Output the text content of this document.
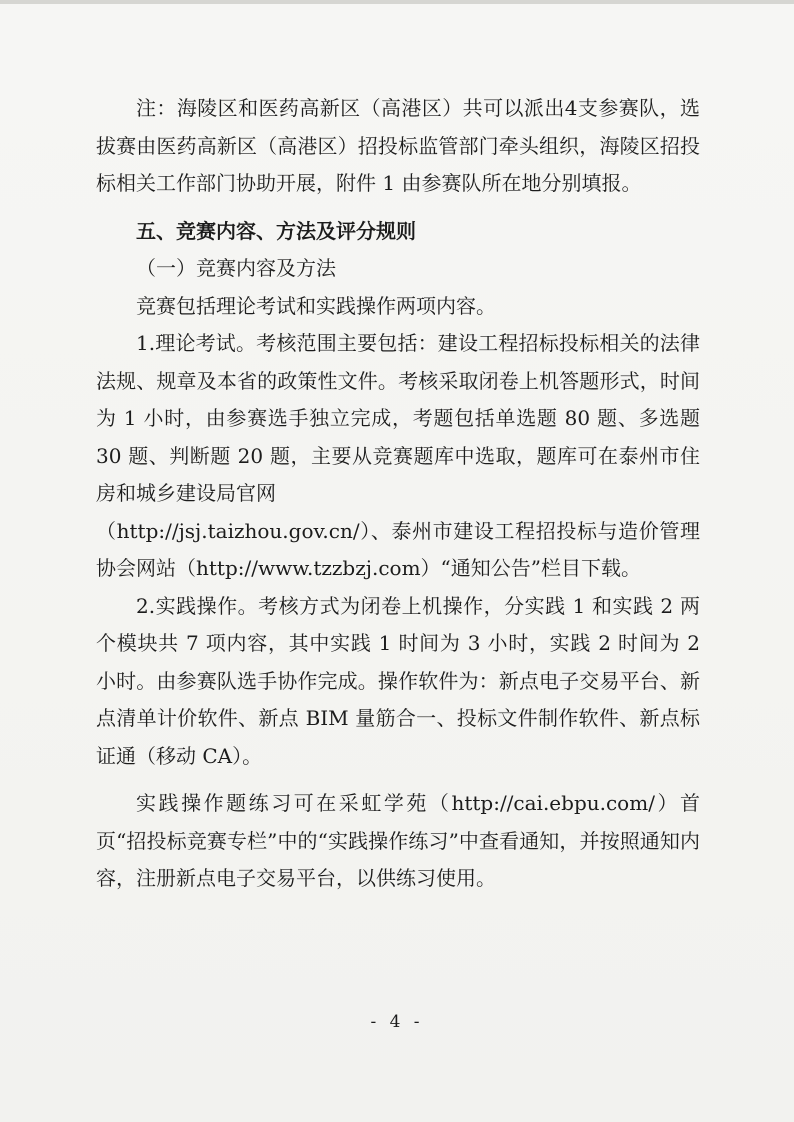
注：海陵区和医药高新区（高港区）共可以派出4支参赛队，选拔赛由医药高新区（高港区）招投标监管部门牵头组织，海陵区招投标相关工作部门协助开展，附件 1 由参赛队所在地分别填报。

五、竞赛内容、方法及评分规则

（一）竞赛内容及方法

竞赛包括理论考试和实践操作两项内容。

1.理论考试。考核范围主要包括：建设工程招标投标相关的法律法规、规章及本省的政策性文件。考核采取闭卷上机答题形式，时间为 1 小时，由参赛选手独立完成，考题包括单选题 80 题、多选题 30 题、判断题 20 题，主要从竞赛题库中选取，题库可在泰州市住房和城乡建设局官网

（http://jsj.taizhou.gov.cn/）、泰州市建设工程招投标与造价管理协会网站（http://www.tzzbzj.com）“通知公告”栏目下载。

2.实践操作。考核方式为闭卷上机操作，分实践 1 和实践 2 两个模块共 7 项内容，其中实践 1 时间为 3 小时，实践 2 时间为 2 小时。由参赛队选手协作完成。操作软件为：新点电子交易平台、新点清单计价软件、新点 BIM 量筋合一、投标文件制作软件、新点标证通（移动 CA）。

实践操作题练习可在采虹学苑（http://cai.ebpu.com/）首页“招投标竞赛专栏”中的“实践操作练习”中查看通知，并按照通知内容，注册新点电子交易平台，以供练习使用。

- 4 -
